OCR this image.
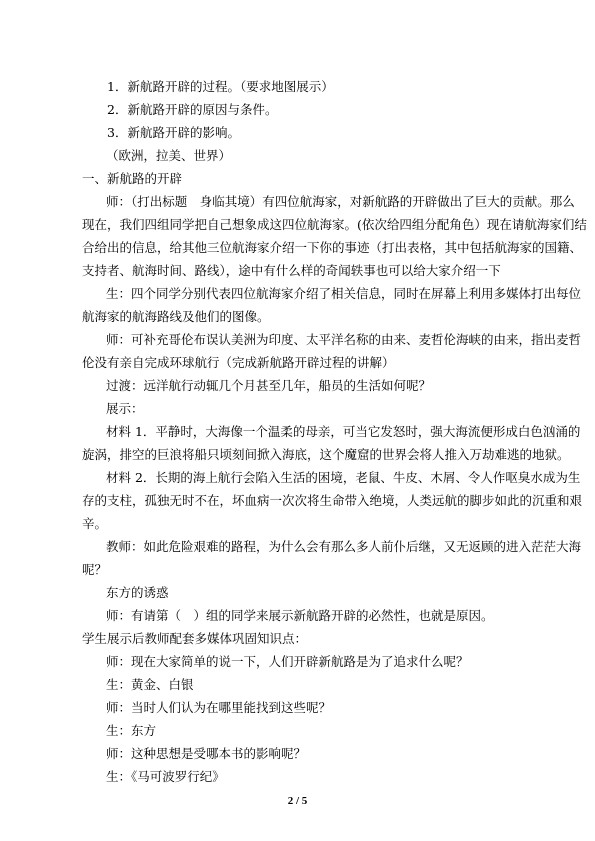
1．新航路开辟的过程。（要求地图展示）
2．新航路开辟的原因与条件。
3．新航路开辟的影响。
（欧洲，拉美、世界）
一、新航路的开辟
师：（打出标题　身临其境）有四位航海家，对新航路的开辟做出了巨大的贡献。那么
现在，我们四组同学把自己想象成这四位航海家。(依次给四组分配角色）现在请航海家们结
合给出的信息，给其他三位航海家介绍一下你的事迹（打出表格，其中包括航海家的国籍、
支持者、航海时间、路线），途中有什么样的奇闻轶事也可以给大家介绍一下
生：四个同学分别代表四位航海家介绍了相关信息，同时在屏幕上利用多媒体打出每位
航海家的航海路线及他们的图像。
师：可补充哥伦布误认美洲为印度、太平洋名称的由来、麦哲伦海峡的由来，指出麦哲
伦没有亲自完成环球航行（完成新航路开辟过程的讲解）
过渡：远洋航行动辄几个月甚至几年，船员的生活如何呢？
展示：
材料 1．平静时，大海像一个温柔的母亲，可当它发怒时，强大海流便形成白色汹涌的
旋涡，排空的巨浪将船只顷刻间掀入海底，这个魔窟的世界会将人推入万劫难逃的地狱。
材料 2．长期的海上航行会陷入生活的困境，老鼠、牛皮、木屑、令人作呕臭水成为生
存的支柱，孤独无时不在，坏血病一次次将生命带入绝境，人类远航的脚步如此的沉重和艰
辛。
教师：如此危险艰难的路程，为什么会有那么多人前仆后继，又无返顾的进入茫茫大海
呢？
东方的诱惑
师：有请第（　）组的同学来展示新航路开辟的必然性，也就是原因。
学生展示后教师配套多媒体巩固知识点：
师：现在大家简单的说一下，人们开辟新航路是为了追求什么呢？
生：黄金、白银
师：当时人们认为在哪里能找到这些呢？
生：东方
师：这种思想是受哪本书的影响呢？
生：《马可波罗行纪》
2 / 5
